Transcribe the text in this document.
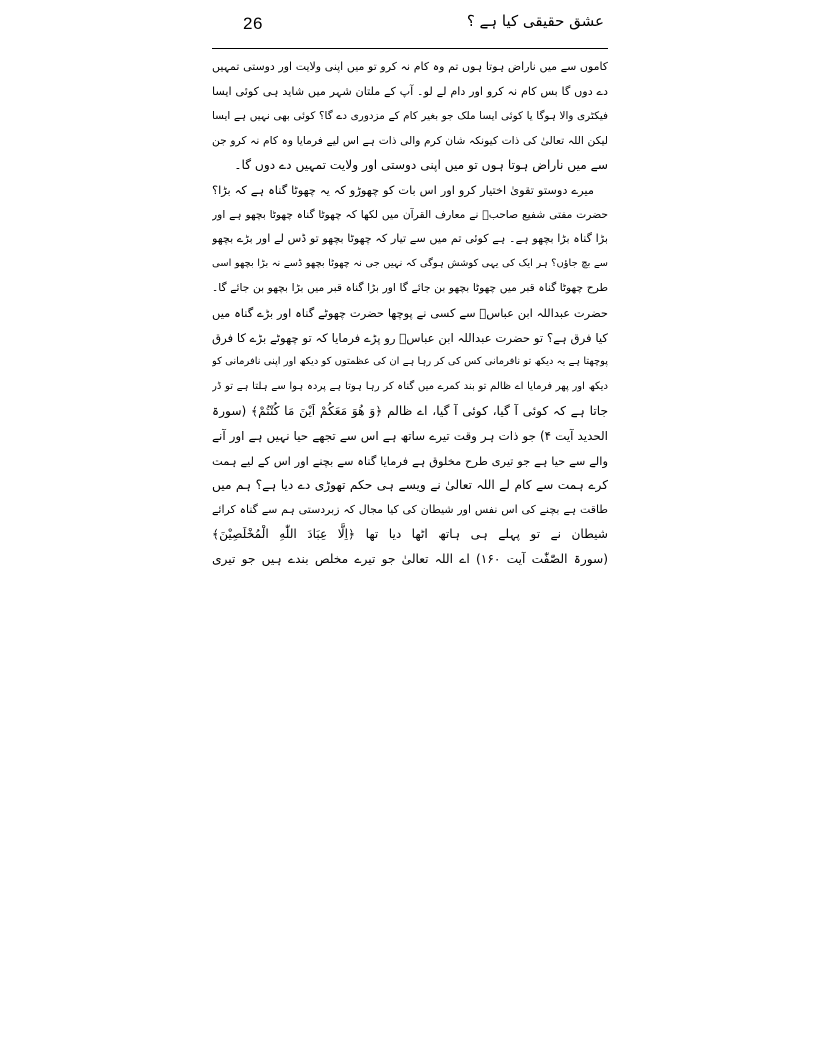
26	عشق حقیقی کیا ہے ؟
کاموں سے میں ناراض ہوتا ہوں تم وہ کام نہ کرو تو میں اپنی ولایت اور دوستی تمہیں
دے دوں گا بس کام نہ کرو اور دام لے لو۔ آپ کے ملتان شہر میں شاید ہی کوئی ایسا
فیکٹری والا ہوگا یا کوئی ایسا ملک جو بغیر کام کے مزدوری دے گا؟ کوئی بھی نہیں ہے ایسا
لیکن اللہ تعالیٰ کی ذات کیونکہ شان کرم والی ذات ہے اس لیے فرمایا وہ کام نہ کرو جن
سے میں ناراض ہوتا ہوں تو میں اپنی دوستی اور ولایت تمہیں دے دوں گا۔
میرے دوستو تقویٰ اختیار کرو اور اس بات کو چھوڑو کہ یہ چھوٹا گناہ ہے کہ بڑا؟
حضرت مفتی شفیع صاحبؒ نے معارف القرآن میں لکھا کہ چھوٹا گناہ چھوٹا بچھو ہے اور
بڑا گناہ بڑا بچھو ہے۔ ہے کوئی تم میں سے تیار کہ چھوٹا بچھو تو ڈس لے اور بڑے بچھو
سے بچ جاؤں؟ ہر ایک کی یہی کوشش ہوگی کہ نہیں جی نہ چھوٹا بچھو ڈسے نہ بڑا بچھو اسی
طرح چھوٹا گناہ قبر میں چھوٹا بچھو بن جائے گا اور بڑا گناہ قبر میں بڑا بچھو بن جائے گا۔
حضرت عبداللہ ابن عباسؓ سے کسی نے پوچھا حضرت چھوٹے گناہ اور بڑے گناہ میں
کیا فرق ہے؟ تو حضرت عبداللہ ابن عباسؓ رو پڑے فرمایا کہ تو چھوٹے بڑے کا فرق
پوچھتا ہے یہ دیکھ تو نافرمانی کس کی کر رہا ہے ان کی عظمتوں کو دیکھ اور اپنی نافرمانی کو
دیکھ اور پھر فرمایا اے ظالم تو بند کمرے میں گناہ کر رہا ہوتا ہے پردہ ہوا سے ہلتا ہے تو ڈر
جاتا ہے کہ کوئی آ گیا، کوئی آ گیا، اے ظالم ﴿وَ هُوَ مَعَكُمْ اَيْنَ مَا كُنْتُمْ﴾ (سورۃ
الحدید آیت ۴) جو ذات ہر وقت تیرے ساتھ ہے اس سے تجھے حیا نہیں ہے اور آنے
والے سے حیا ہے جو تیری طرح مخلوق ہے فرمایا گناہ سے بچنے اور اس کے لیے ہمت
کرے ہمت سے کام لے اللہ تعالیٰ نے ویسے ہی حکم تھوڑی دے دیا ہے؟ ہم میں
طاقت ہے بچنے کی اس نفس اور شیطان کی کیا مجال کہ زبردستی ہم سے گناہ کرائے
شیطان نے تو پہلے ہی ہاتھ اٹھا دیا تھا ﴿اِلَّا عِبَادَ اللّٰهِ الْمُخْلَصِيْنَ﴾
(سورۃ الصّٰفّٰت آیت ۱۶۰) اے اللہ تعالیٰ جو تیرے مخلص بندے ہیں جو تیری
